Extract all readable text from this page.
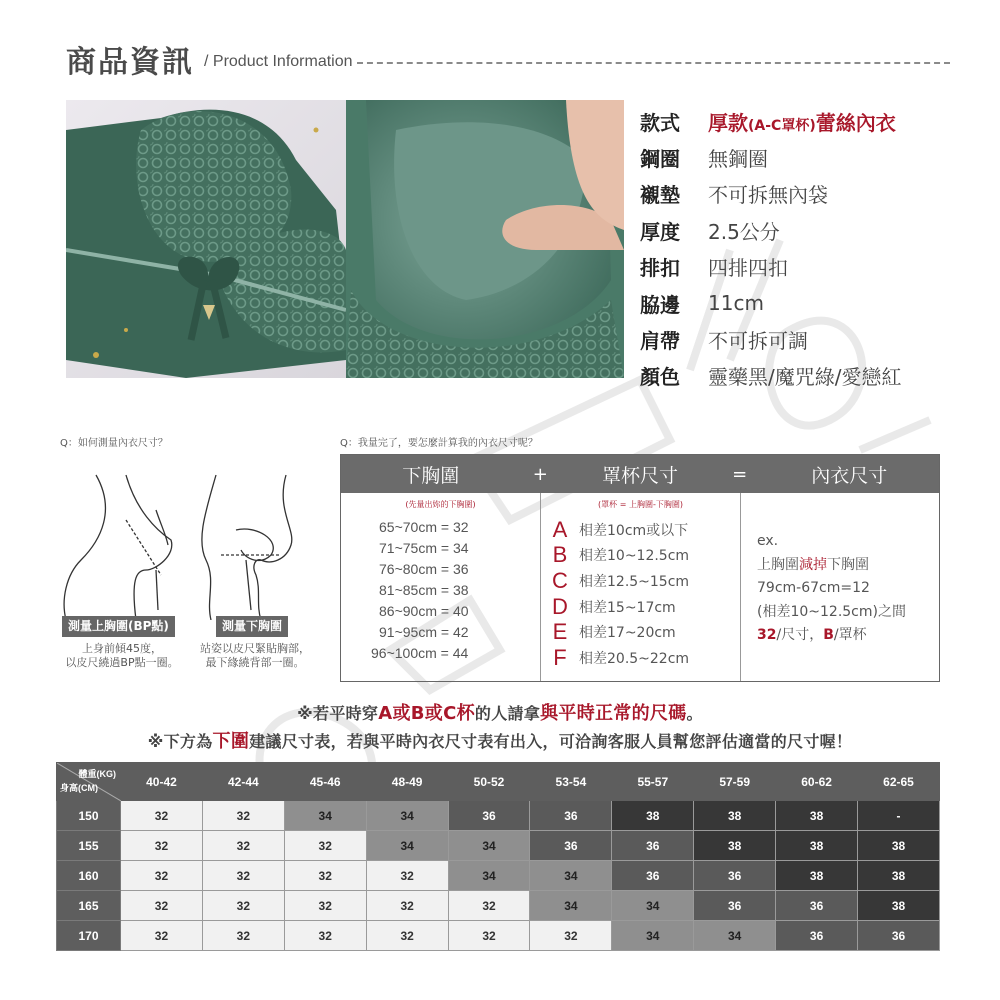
商品資訊 / Product Information
款式	厚款(A-C罩杯)蕾絲內衣
鋼圈	無鋼圈
襯墊	不可拆無內袋
厚度	2.5公分
排扣	四排四扣
脇邊	11cm
肩帶	不可拆可調
顏色	靈藥黑/魔咒綠/愛戀紅
Q：如何測量內衣尺寸？	Q：我量完了，要怎麼計算我的內衣尺寸呢？
測量上胸圍(BP點)	測量下胸圍
上身前傾45度，
以皮尺繞過BP點一圈。
站姿以皮尺緊貼胸部，
最下緣繞背部一圈。
下胸圍	+	罩杯尺寸	=	內衣尺寸
(先量出妳的下胸圍)
65~70cm = 32
71~75cm = 34
76~80cm = 36
81~85cm = 38
86~90cm = 40
91~95cm = 42
96~100cm = 44
(罩杯 = 上胸圍-下胸圍)
A 相差10cm或以下
B 相差10~12.5cm
C 相差12.5~15cm
D 相差15~17cm
E 相差17~20cm
F 相差20.5~22cm
ex.
上胸圍減掉下胸圍
79cm-67cm=12
(相差10~12.5cm)之間
32/尺寸，B/罩杯
※若平時穿A或B或C杯的人請拿與平時正常的尺碼。
※下方為下圍建議尺寸表，若與平時內衣尺寸表有出入，可洽詢客服人員幫您評估適當的尺寸喔！
體重(KG)
身高(CM)	40-42	42-44	45-46	48-49	50-52	53-54	55-57	57-59	60-62	62-65
150	32	32	34	34	36	36	38	38	38	-
155	32	32	32	34	34	36	36	38	38	38
160	32	32	32	32	34	34	36	36	38	38
165	32	32	32	32	32	34	34	36	36	38
170	32	32	32	32	32	32	34	34	36	36
